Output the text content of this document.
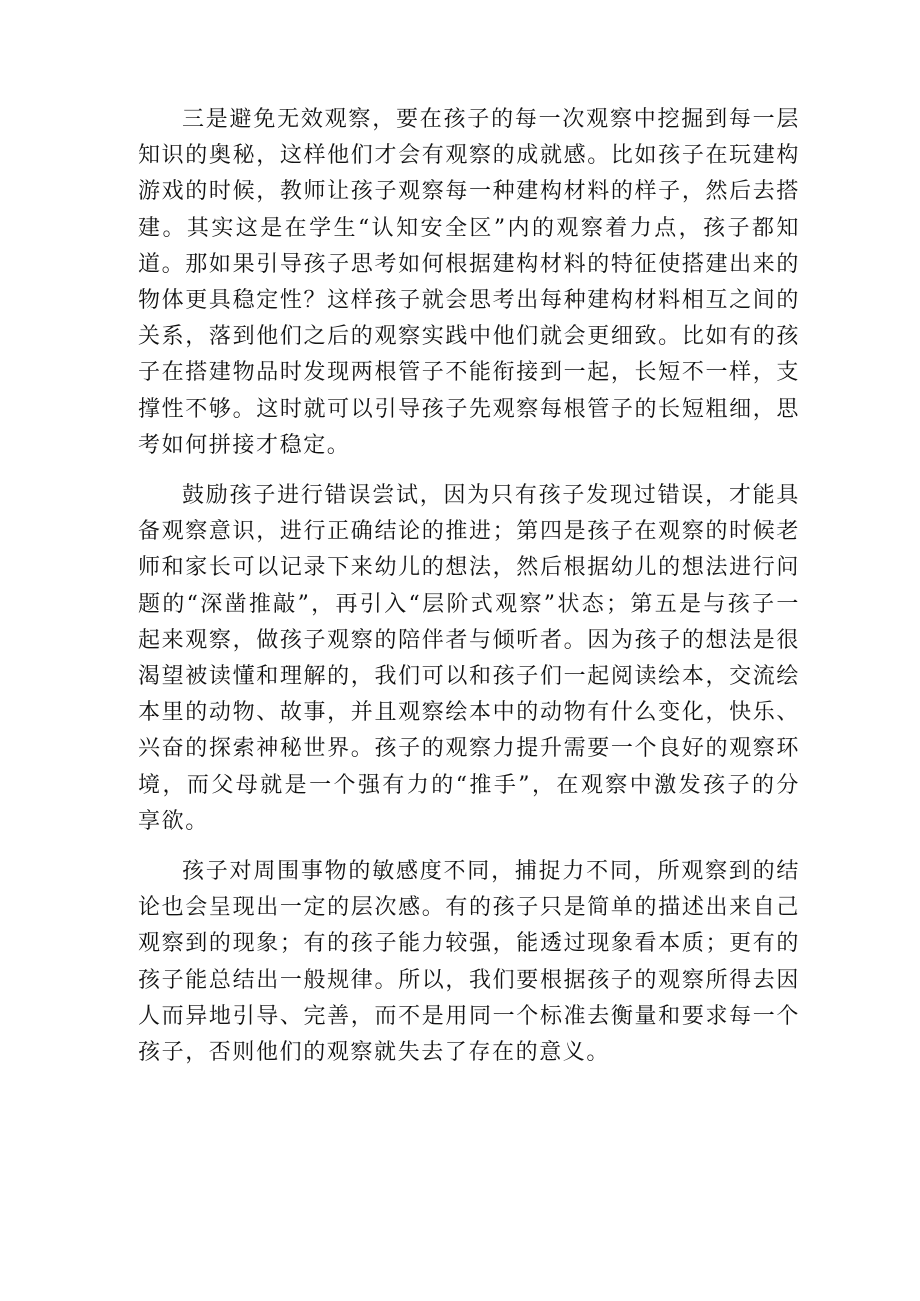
三是避免无效观察，要在孩子的每一次观察中挖掘到每一层知识的奥秘，这样他们才会有观察的成就感。比如孩子在玩建构游戏的时候，教师让孩子观察每一种建构材料的样子，然后去搭建。其实这是在学生“认知安全区”内的观察着力点，孩子都知道。那如果引导孩子思考如何根据建构材料的特征使搭建出来的物体更具稳定性？这样孩子就会思考出每种建构材料相互之间的关系，落到他们之后的观察实践中他们就会更细致。比如有的孩子在搭建物品时发现两根管子不能衔接到一起，长短不一样，支撑性不够。这时就可以引导孩子先观察每根管子的长短粗细，思考如何拼接才稳定。

鼓励孩子进行错误尝试，因为只有孩子发现过错误，才能具备观察意识，进行正确结论的推进；第四是孩子在观察的时候老师和家长可以记录下来幼儿的想法，然后根据幼儿的想法进行问题的“深凿推敲”，再引入“层阶式观察”状态；第五是与孩子一起来观察，做孩子观察的陪伴者与倾听者。因为孩子的想法是很渴望被读懂和理解的，我们可以和孩子们一起阅读绘本，交流绘本里的动物、故事，并且观察绘本中的动物有什么变化，快乐、兴奋的探索神秘世界。孩子的观察力提升需要一个良好的观察环境，而父母就是一个强有力的“推手”，在观察中激发孩子的分享欲。

孩子对周围事物的敏感度不同，捕捉力不同，所观察到的结论也会呈现出一定的层次感。有的孩子只是简单的描述出来自己观察到的现象；有的孩子能力较强，能透过现象看本质；更有的孩子能总结出一般规律。所以，我们要根据孩子的观察所得去因人而异地引导、完善，而不是用同一个标准去衡量和要求每一个孩子，否则他们的观察就失去了存在的意义。
